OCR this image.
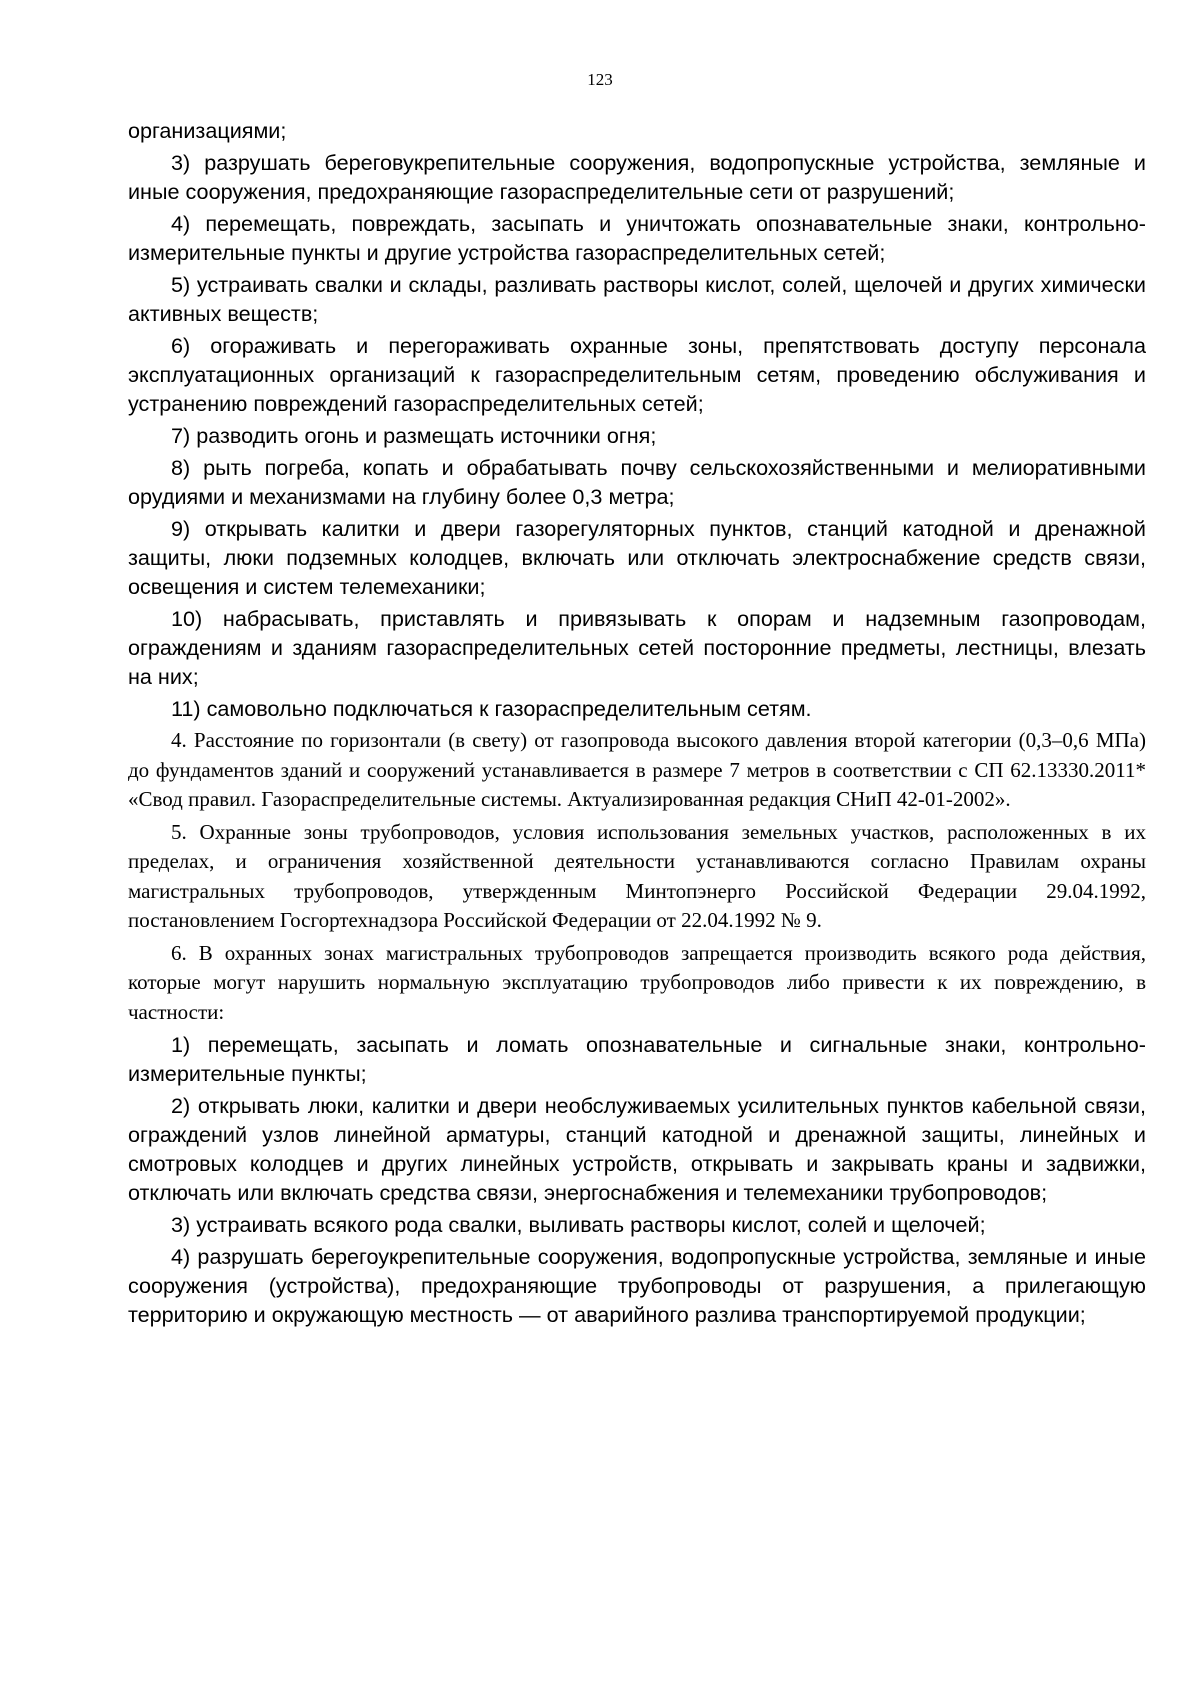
123

организациями;

3) разрушать береговукрепительные сооружения, водопропускные устройства, земляные и иные сооружения, предохраняющие газораспределительные сети от разрушений;

4) перемещать, повреждать, засыпать и уничтожать опознавательные знаки, контрольно-измерительные пункты и другие устройства газораспределительных сетей;

5) устраивать свалки и склады, разливать растворы кислот, солей, щелочей и других химически активных веществ;

6) огораживать и перегораживать охранные зоны, препятствовать доступу персонала эксплуатационных организаций к газораспределительным сетям, проведению обслуживания и устранению повреждений газораспределительных сетей;

7) разводить огонь и размещать источники огня;

8) рыть погреба, копать и обрабатывать почву сельскохозяйственными и мелиоративными орудиями и механизмами на глубину более 0,3 метра;

9) открывать калитки и двери газорегуляторных пунктов, станций катодной и дренажной защиты, люки подземных колодцев, включать или отключать электроснабжение средств связи, освещения и систем телемеханики;

10) набрасывать, приставлять и привязывать к опорам и надземным газопроводам, ограждениям и зданиям газораспределительных сетей посторонние предметы, лестницы, влезать на них;

11) самовольно подключаться к газораспределительным сетям.

4. Расстояние по горизонтали (в свету) от газопровода высокого давления второй категории (0,3–0,6 МПа) до фундаментов зданий и сооружений устанавливается в размере 7 метров в соответствии с СП 62.13330.2011* «Свод правил. Газораспределительные системы. Актуализированная редакция СНиП 42-01-2002».

5. Охранные зоны трубопроводов, условия использования земельных участков, расположенных в их пределах, и ограничения хозяйственной деятельности устанавливаются согласно Правилам охраны магистральных трубопроводов, утвержденным Минтопэнерго Российской Федерации 29.04.1992, постановлением Госгортехнадзора Российской Федерации от 22.04.1992 № 9.

6. В охранных зонах магистральных трубопроводов запрещается производить всякого рода действия, которые могут нарушить нормальную эксплуатацию трубопроводов либо привести к их повреждению, в частности:

1) перемещать, засыпать и ломать опознавательные и сигнальные знаки, контрольно-измерительные пункты;

2) открывать люки, калитки и двери необслуживаемых усилительных пунктов кабельной связи, ограждений узлов линейной арматуры, станций катодной и дренажной защиты, линейных и смотровых колодцев и других линейных устройств, открывать и закрывать краны и задвижки, отключать или включать средства связи, энергоснабжения и телемеханики трубопроводов;

3) устраивать всякого рода свалки, выливать растворы кислот, солей и щелочей;

4) разрушать берегоукрепительные сооружения, водопропускные устройства, земляные и иные сооружения (устройства), предохраняющие трубопроводы от разрушения, а прилегающую территорию и окружающую местность — от аварийного разлива транспортируемой продукции;
